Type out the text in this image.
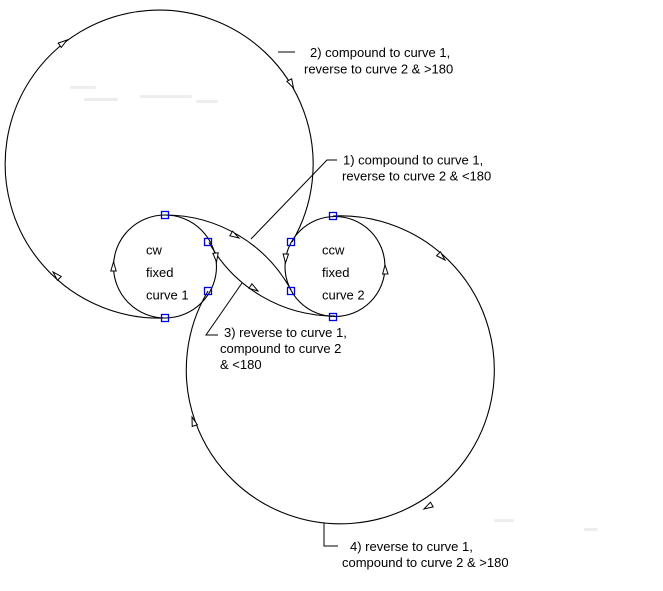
cw
fixed
curve 1
ccw
fixed
curve 2
2) compound to curve 1,
reverse to curve 2 & >180
1) compound to curve 1,
reverse to curve 2 & <180
3) reverse to curve 1,
compound to curve 2
& <180
4) reverse to curve 1,
compound to curve 2 & >180
